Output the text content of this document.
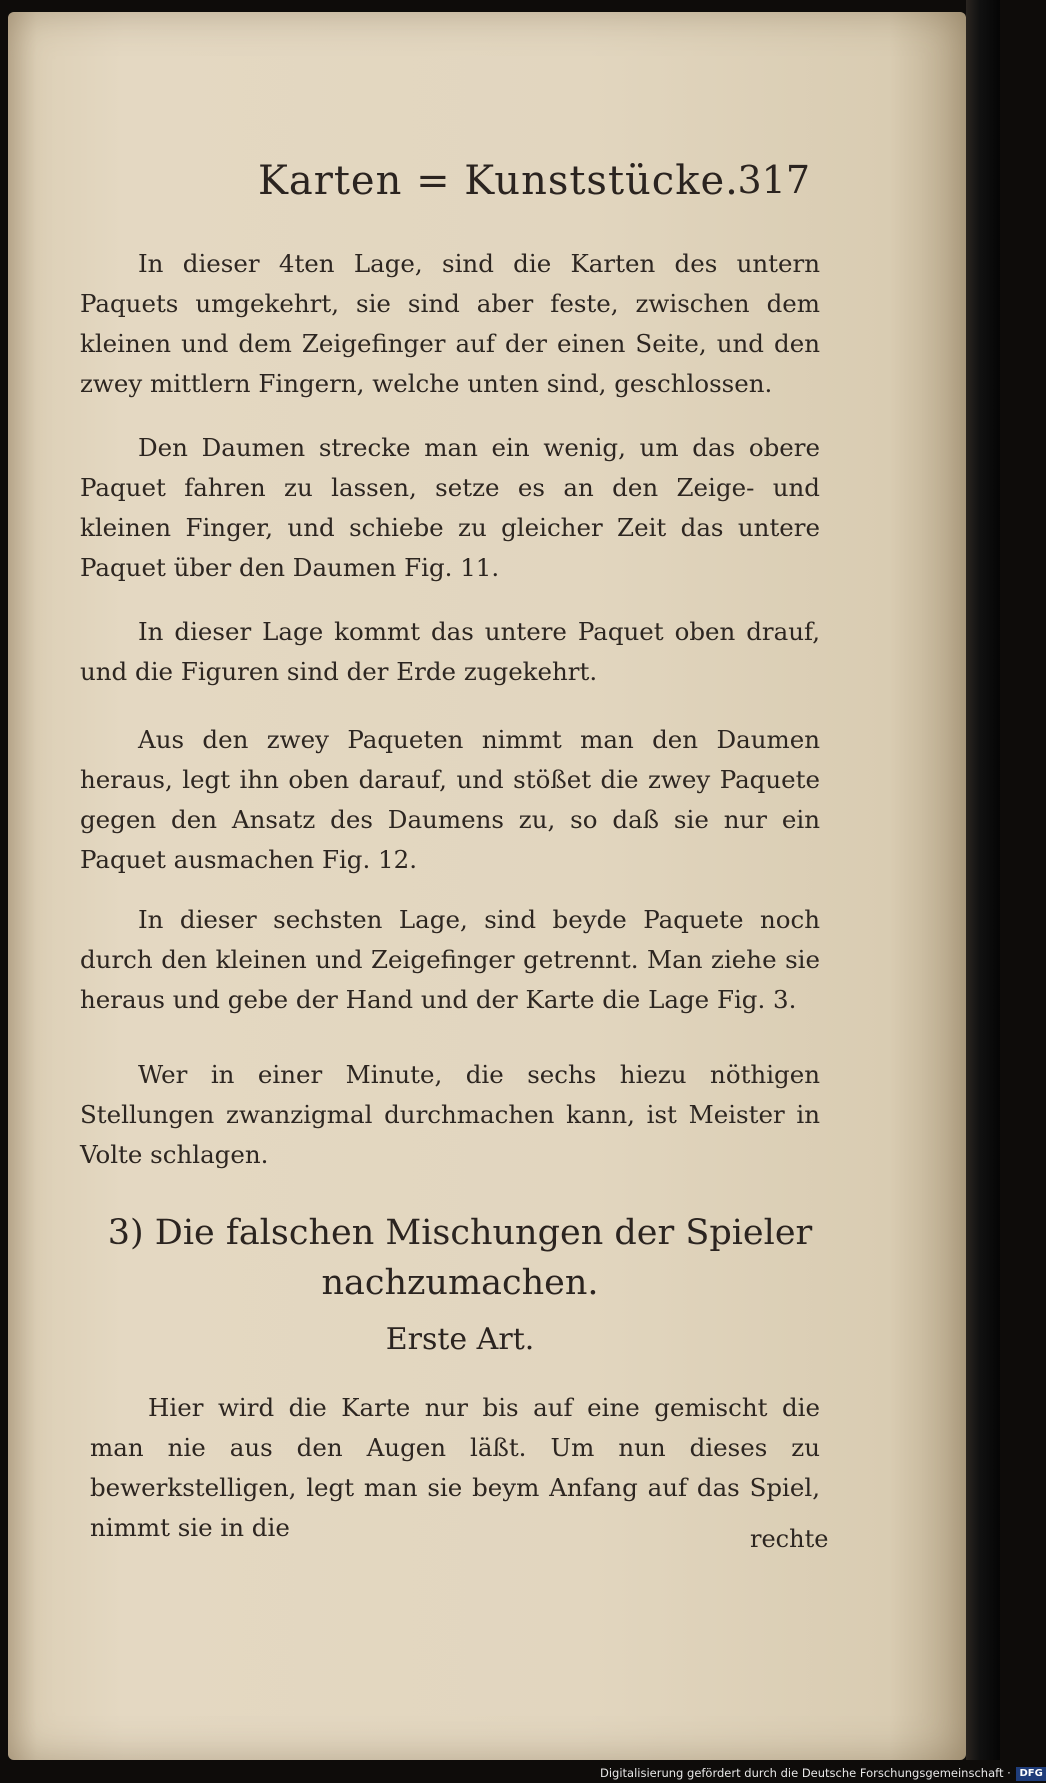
Karten = Kunststücke.
317

In dieser 4ten Lage, sind die Karten des untern Paquets umgekehrt, sie sind aber feste, zwischen dem kleinen und dem Zeigefinger auf der einen Seite, und den zwey mittlern Fingern, welche unten sind, geschlossen.

Den Daumen strecke man ein wenig, um das obere Paquet fahren zu lassen, setze es an den Zeige- und kleinen Finger, und schiebe zu gleicher Zeit das untere Paquet über den Daumen Fig. 11.

In dieser Lage kommt das untere Paquet oben drauf, und die Figuren sind der Erde zugekehrt.

Aus den zwey Paqueten nimmt man den Daumen heraus, legt ihn oben darauf, und stößet die zwey Paquete gegen den Ansatz des Daumens zu, so daß sie nur ein Paquet ausmachen Fig. 12.

In dieser sechsten Lage, sind beyde Paquete noch durch den kleinen und Zeigefinger getrennt. Man ziehe sie heraus und gebe der Hand und der Karte die Lage Fig. 3.

Wer in einer Minute, die sechs hiezu nöthigen Stellungen zwanzigmal durchmachen kann, ist Meister in Volte schlagen.

3) Die falschen Mischungen der Spieler nachzumachen.
Erste Art.

Hier wird die Karte nur bis auf eine gemischt die man nie aus den Augen läßt. Um nun dieses zu bewerkstelligen, legt man sie beym Anfang auf das Spiel, nimmt sie in die	rechte
Digitalisierung gefördert durch die Deutsche Forschungsgemeinschaft · DFG
